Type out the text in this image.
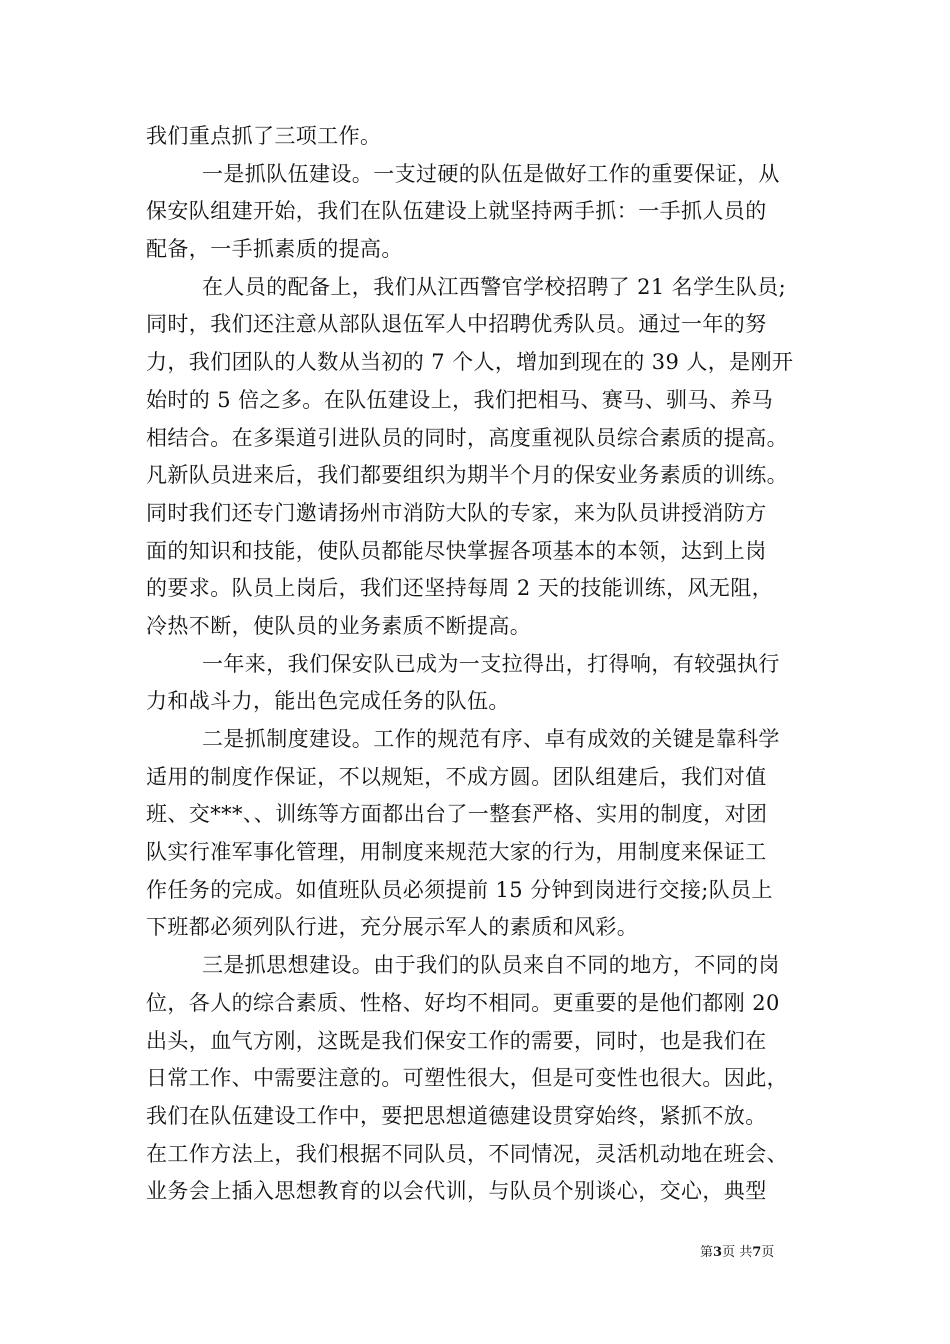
我们重点抓了三项工作。
一是抓队伍建设。一支过硬的队伍是做好工作的重要保证，从
保安队组建开始，我们在队伍建设上就坚持两手抓：一手抓人员的
配备，一手抓素质的提高。
在人员的配备上，我们从江西警官学校招聘了 21 名学生队员;
同时，我们还注意从部队退伍军人中招聘优秀队员。通过一年的努
力，我们团队的人数从当初的 7 个人，增加到现在的 39 人，是刚开
始时的 5 倍之多。在队伍建设上，我们把相马、赛马、驯马、养马
相结合。在多渠道引进队员的同时，高度重视队员综合素质的提高。
凡新队员进来后，我们都要组织为期半个月的保安业务素质的训练。
同时我们还专门邀请扬州市消防大队的专家，来为队员讲授消防方
面的知识和技能，使队员都能尽快掌握各项基本的本领，达到上岗
的要求。队员上岗后，我们还坚持每周 2 天的技能训练，风无阻，
冷热不断，使队员的业务素质不断提高。
一年来，我们保安队已成为一支拉得出，打得响，有较强执行
力和战斗力，能出色完成任务的队伍。
二是抓制度建设。工作的规范有序、卓有成效的关键是靠科学
适用的制度作保证，不以规矩，不成方圆。团队组建后，我们对值
班、交***、、训练等方面都出台了一整套严格、实用的制度，对团
队实行准军事化管理，用制度来规范大家的行为，用制度来保证工
作任务的完成。如值班队员必须提前 15 分钟到岗进行交接;队员上
下班都必须列队行进，充分展示军人的素质和风彩。
三是抓思想建设。由于我们的队员来自不同的地方，不同的岗
位，各人的综合素质、性格、好均不相同。更重要的是他们都刚 20
出头，血气方刚，这既是我们保安工作的需要，同时，也是我们在
日常工作、中需要注意的。可塑性很大，但是可变性也很大。因此，
我们在队伍建设工作中，要把思想道德建设贯穿始终，紧抓不放。
在工作方法上，我们根据不同队员，不同情况，灵活机动地在班会、
业务会上插入思想教育的以会代训，与队员个别谈心，交心，典型
第3页 共7页
